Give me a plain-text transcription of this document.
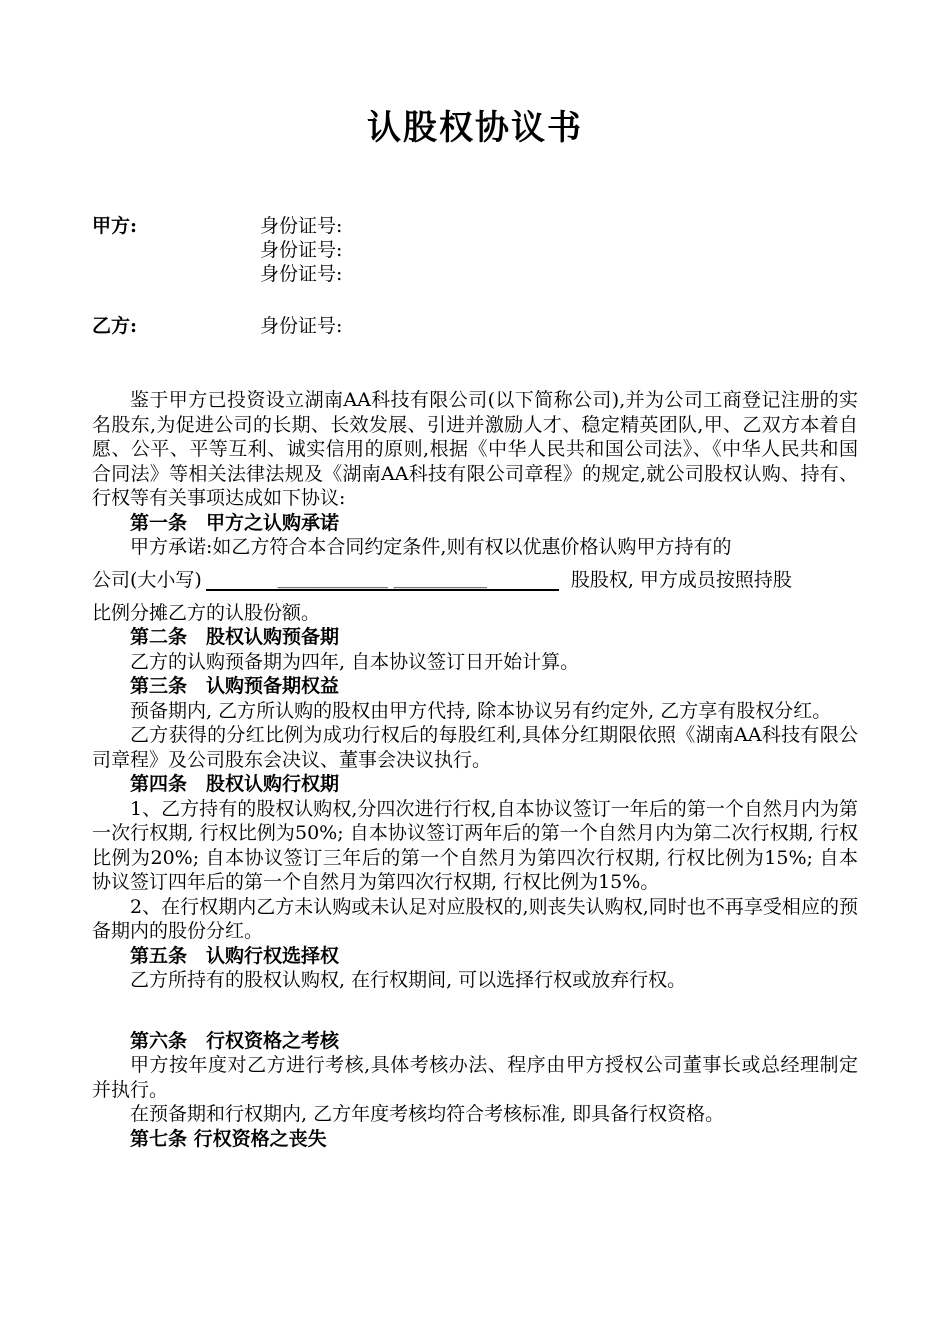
认股权协议书
甲方:	身份证号:
身份证号:
身份证号:
乙方:	身份证号:
鉴于甲方已投资设立湖南AA科技有限公司(以下简称公司),并为公司工商登记注册的实名股东,为促进公司的长期、长效发展、引进并激励人才、稳定精英团队,甲、乙双方本着自愿、公平、平等互利、诚实信用的原则,根据《中华人民共和国公司法》、《中华人民共和国合同法》等相关法律法规及《湖南AA科技有限公司章程》的规定,就公司股权认购、持有、行权等有关事项达成如下协议:
第一条　甲方之认购承诺
甲方承诺:如乙方符合本合同约定条件,则有权以优惠价格认购甲方持有的
公司(大小写)	_____________ ___________	股股权, 甲方成员按照持股
比例分摊乙方的认股份额。
第二条　股权认购预备期
乙方的认购预备期为四年, 自本协议签订日开始计算。
第三条　认购预备期权益
预备期内, 乙方所认购的股权由甲方代持, 除本协议另有约定外, 乙方享有股权分红。
乙方获得的分红比例为成功行权后的每股红利,具体分红期限依照《湖南AA科技有限公司章程》及公司股东会决议、董事会决议执行。
第四条　股权认购行权期
1、乙方持有的股权认购权,分四次进行行权,自本协议签订一年后的第一个自然月内为第一次行权期, 行权比例为50%; 自本协议签订两年后的第一个自然月内为第二次行权期, 行权比例为20%; 自本协议签订三年后的第一个自然月为第四次行权期, 行权比例为15%; 自本协议签订四年后的第一个自然月为第四次行权期, 行权比例为15%。
2、在行权期内乙方未认购或未认足对应股权的,则丧失认购权,同时也不再享受相应的预备期内的股份分红。
第五条　认购行权选择权
乙方所持有的股权认购权, 在行权期间, 可以选择行权或放弃行权。
第六条　行权资格之考核
甲方按年度对乙方进行考核,具体考核办法、程序由甲方授权公司董事长或总经理制定并执行。
在预备期和行权期内, 乙方年度考核均符合考核标准, 即具备行权资格。
第七条 行权资格之丧失
